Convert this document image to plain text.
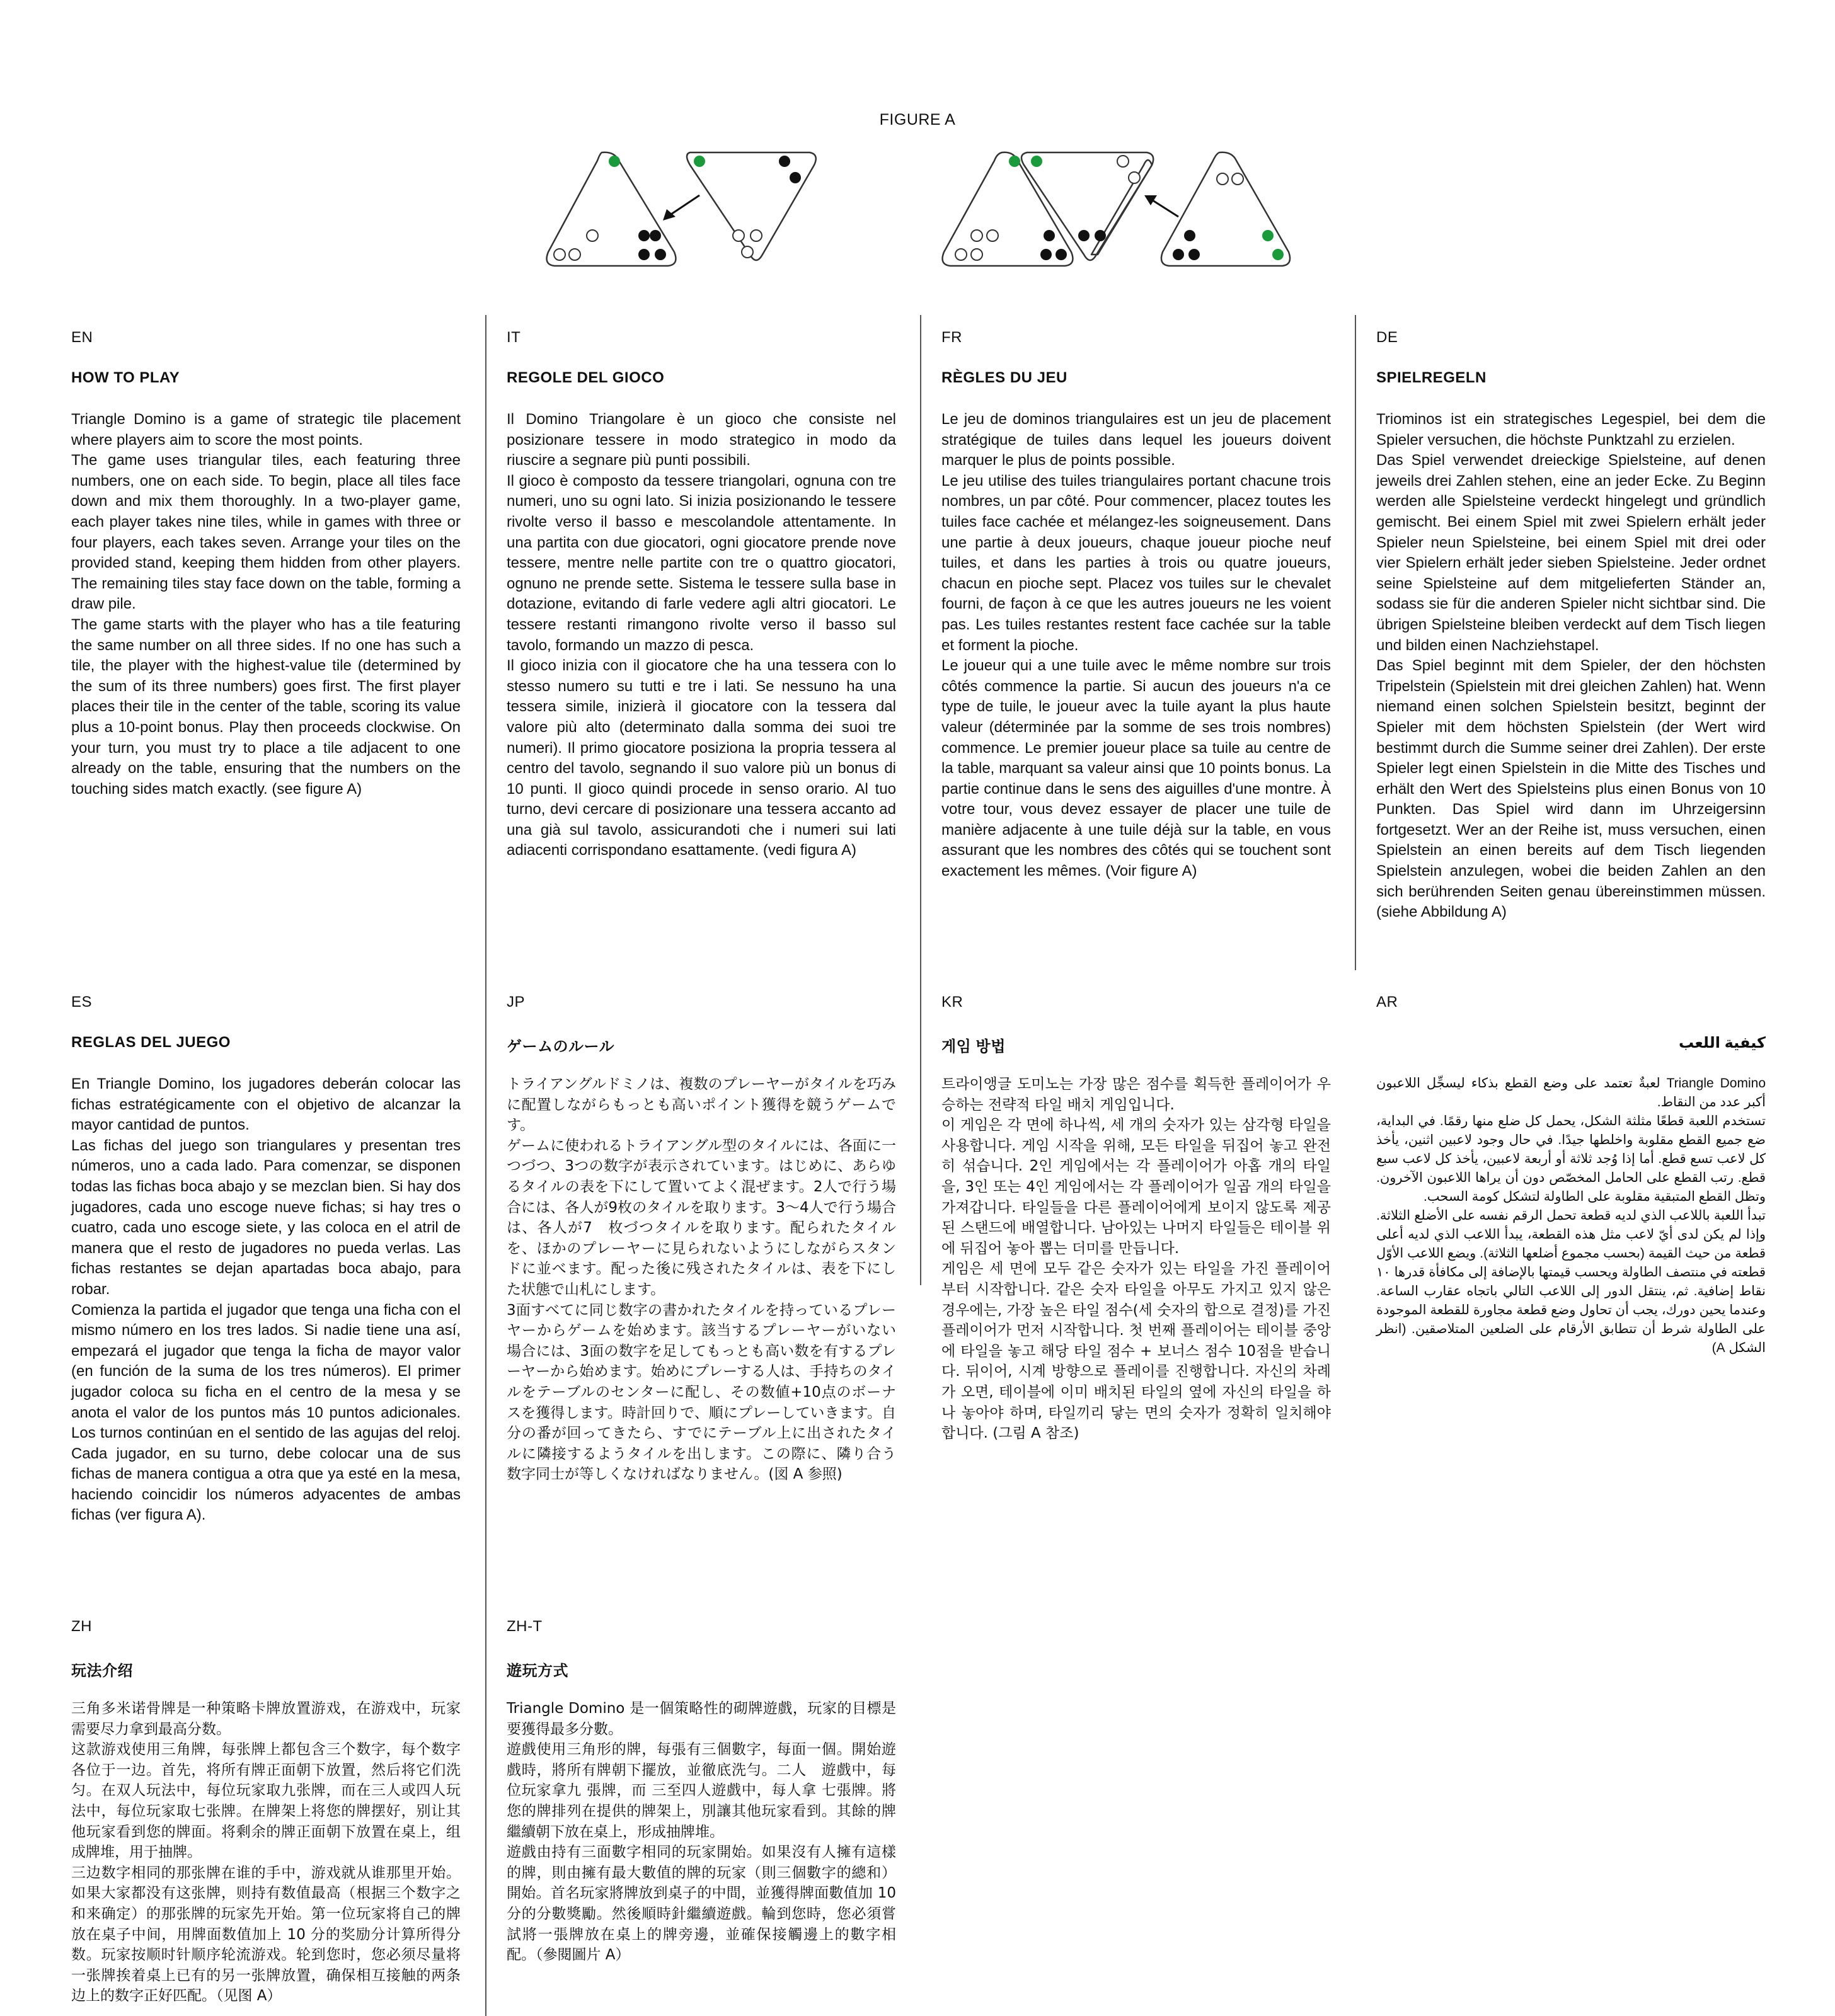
FIGURE A
EN
HOW TO PLAY

Triangle Domino is a game of strategic tile placement where players aim to score the most points.

The game uses triangular tiles, each featuring three numbers, one on each side. To begin, place all tiles face down and mix them thoroughly. In a two-player game, each player takes nine tiles, while in games with three or four players, each takes seven. Arrange your tiles on the provided stand, keeping them hidden from other players. The remaining tiles stay face down on the table, forming a draw pile.

The game starts with the player who has a tile featuring the same number on all three sides. If no one has such a tile, the player with the highest-value tile (determined by the sum of its three numbers) goes first. The first player places their tile in the center of the table, scoring its value plus a 10-point bonus. Play then proceeds clockwise. On your turn, you must try to place a tile adjacent to one already on the table, ensuring that the numbers on the touching sides match exactly. (see figure A)

IT
REGOLE DEL GIOCO

Il Domino Triangolare è un gioco che consiste nel posizionare tessere in modo strategico in modo da riuscire a segnare più punti possibili.

Il gioco è composto da tessere triangolari, ognuna con tre numeri, uno su ogni lato. Si inizia posizionando le tessere rivolte verso il basso e mescolandole attentamente. In una partita con due giocatori, ogni giocatore prende nove tessere, mentre nelle partite con tre o quattro giocatori, ognuno ne prende sette. Sistema le tessere sulla base in dotazione, evitando di farle vedere agli altri giocatori. Le tessere restanti rimangono rivolte verso il basso sul tavolo, formando un mazzo di pesca.

Il gioco inizia con il giocatore che ha una tessera con lo stesso numero su tutti e tre i lati. Se nessuno ha una tessera simile, inizierà il giocatore con la tessera dal valore più alto (determinato dalla somma dei suoi tre numeri). Il primo giocatore posiziona la propria tessera al centro del tavolo, segnando il suo valore più un bonus di 10 punti. Il gioco quindi procede in senso orario. Al tuo turno, devi cercare di posizionare una tessera accanto ad una già sul tavolo, assicurandoti che i numeri sui lati adiacenti corrispondano esattamente. (vedi figura A)

FR
RÈGLES DU JEU

Le jeu de dominos triangulaires est un jeu de placement stratégique de tuiles dans lequel les joueurs doivent marquer le plus de points possible.

Le jeu utilise des tuiles triangulaires portant chacune trois nombres, un par côté. Pour commencer, placez toutes les tuiles face cachée et mélangez-les soigneusement. Dans une partie à deux joueurs, chaque joueur pioche neuf tuiles, et dans les parties à trois ou quatre joueurs, chacun en pioche sept. Placez vos tuiles sur le chevalet fourni, de façon à ce que les autres joueurs ne les voient pas. Les tuiles restantes restent face cachée sur la table et forment la pioche.

Le joueur qui a une tuile avec le même nombre sur trois côtés commence la partie. Si aucun des joueurs n'a ce type de tuile, le joueur avec la tuile ayant la plus haute valeur (déterminée par la somme de ses trois nombres) commence. Le premier joueur place sa tuile au centre de la table, marquant sa valeur ainsi que 10 points bonus. La partie continue dans le sens des aiguilles d'une montre. À votre tour, vous devez essayer de placer une tuile de manière adjacente à une tuile déjà sur la table, en vous assurant que les nombres des côtés qui se touchent sont exactement les mêmes. (Voir figure A)

DE
SPIELREGELN

Triominos ist ein strategisches Legespiel, bei dem die Spieler versuchen, die höchste Punktzahl zu erzielen.

Das Spiel verwendet dreieckige Spielsteine, auf denen jeweils drei Zahlen stehen, eine an jeder Ecke. Zu Beginn werden alle Spielsteine verdeckt hingelegt und gründlich gemischt. Bei einem Spiel mit zwei Spielern erhält jeder Spieler neun Spielsteine, bei einem Spiel mit drei oder vier Spielern erhält jeder sieben Spielsteine. Jeder ordnet seine Spielsteine auf dem mitgelieferten Ständer an, sodass sie für die anderen Spieler nicht sichtbar sind. Die übrigen Spielsteine bleiben verdeckt auf dem Tisch liegen und bilden einen Nachziehstapel.

Das Spiel beginnt mit dem Spieler, der den höchsten Tripelstein (Spielstein mit drei gleichen Zahlen) hat. Wenn niemand einen solchen Spielstein besitzt, beginnt der Spieler mit dem höchsten Spielstein (der Wert wird bestimmt durch die Summe seiner drei Zahlen). Der erste Spieler legt einen Spielstein in die Mitte des Tisches und erhält den Wert des Spielsteins plus einen Bonus von 10 Punkten. Das Spiel wird dann im Uhrzeigersinn fortgesetzt. Wer an der Reihe ist, muss versuchen, einen Spielstein an einen bereits auf dem Tisch liegenden Spielstein anzulegen, wobei die beiden Zahlen an den sich berührenden Seiten genau übereinstimmen müssen. (siehe Abbildung A)

ES
REGLAS DEL JUEGO

En Triangle Domino, los jugadores deberán colocar las fichas estratégicamente con el objetivo de alcanzar la mayor cantidad de puntos.

Las fichas del juego son triangulares y presentan tres números, uno a cada lado. Para comenzar, se disponen todas las fichas boca abajo y se mezclan bien. Si hay dos jugadores, cada uno escoge nueve fichas; si hay tres o cuatro, cada uno escoge siete, y las coloca en el atril de manera que el resto de jugadores no pueda verlas. Las fichas restantes se dejan apartadas boca abajo, para robar.

Comienza la partida el jugador que tenga una ficha con el mismo número en los tres lados. Si nadie tiene una así, empezará el jugador que tenga la ficha de mayor valor (en función de la suma de los tres números). El primer jugador coloca su ficha en el centro de la mesa y se anota el valor de los puntos más 10 puntos adicionales. Los turnos continúan en el sentido de las agujas del reloj. Cada jugador, en su turno, debe colocar una de sus fichas de manera contigua a otra que ya esté en la mesa, haciendo coincidir los números adyacentes de ambas fichas (ver figura A).

JP
ゲームのルール

トライアングルドミノは、複数のプレーヤーがタイルを巧みに配置しながらもっとも高いポイント獲得を競うゲームです。

ゲームに使われるトライアングル型のタイルには、各面に一つづつ、3つの数字が表示されています。はじめに、あらゆるタイルの表を下にして置いてよく混ぜます。2人で行う場合には、各人が9枚のタイルを取ります。3〜4人で行う場合は、各人が7　枚づつタイルを取ります。配られたタイルを、ほかのプレーヤーに見られないようにしながらスタンドに並べます。配った後に残されたタイルは、表を下にした状態で山札にします。

3面すべてに同じ数字の書かれたタイルを持っているプレーヤーからゲームを始めます。該当するプレーヤーがいない場合には、3面の数字を足してもっとも高い数を有するプレーヤーから始めます。始めにプレーする人は、手持ちのタイルをテーブルのセンターに配し、その数値+10点のボーナスを獲得します。時計回りで、順にプレーしていきます。自分の番が回ってきたら、すでにテーブル上に出されたタイルに隣接するようタイルを出します。この際に、隣り合う数字同士が等しくなければなりません。(図 A 参照)

KR
게임 방법

트라이앵글 도미노는 가장 많은 점수를 획득한 플레이어가 우승하는 전략적 타일 배치 게임입니다.

이 게임은 각 면에 하나씩, 세 개의 숫자가 있는 삼각형 타일을 사용합니다. 게임 시작을 위해, 모든 타일을 뒤집어 놓고 완전히 섞습니다. 2인 게임에서는 각 플레이어가 아홉 개의 타일을, 3인 또는 4인 게임에서는 각 플레이어가 일곱 개의 타일을 가져갑니다. 타일들을 다른 플레이어에게 보이지 않도록 제공된 스탠드에 배열합니다. 남아있는 나머지 타일들은 테이블 위에 뒤집어 놓아 뽑는 더미를 만듭니다.

게임은 세 면에 모두 같은 숫자가 있는 타일을 가진 플레이어부터 시작합니다. 같은 숫자 타일을 아무도 가지고 있지 않은 경우에는, 가장 높은 타일 점수(세 숫자의 합으로 결정)를 가진 플레이어가 먼저 시작합니다. 첫 번째 플레이어는 테이블 중앙에 타일을 놓고 해당 타일 점수 + 보너스 점수 10점을 받습니다. 뒤이어, 시계 방향으로 플레이를 진행합니다. 자신의 차례가 오면, 테이블에 이미 배치된 타일의 옆에 자신의 타일을 하나 놓아야 하며, 타일끼리 닿는 면의 숫자가 정확히 일치해야 합니다. (그림 A 참조)

AR
كيفية اللعب

Triangle Domino لعبةٌ تعتمد على وضع القطع بذكاء ليسجِّل اللاعبون أكبر عدد من النقاط.

تستخدم اللعبة قطعًا مثلثة الشكل، يحمل كل ضلع منها رقمًا. في البداية، ضع جميع القطع مقلوبة واخلطها جيدًا. في حال وجود لاعبين اثنين، يأخذ كل لاعب تسع قطع. أما إذا وُجد ثلاثة أو أربعة لاعبين، يأخذ كل لاعب سبع قطع. رتب القطع على الحامل المخصّص دون أن يراها اللاعبون الآخرون. وتظل القطع المتبقية مقلوبة على الطاولة لتشكل كومة السحب.

تبدأ اللعبة باللاعب الذي لديه قطعة تحمل الرقم نفسه على الأضلع الثلاثة. وإذا لم يكن لدى أيّ لاعب مثل هذه القطعة، يبدأ اللاعب الذي لديه أعلى قطعة من حيث القيمة (بحسب مجموع أضلعها الثلاثة). ويضع اللاعب الأوّل قطعته في منتصف الطاولة ويحسب قيمتها بالإضافة إلى مكافأة قدرها ١٠ نقاط إضافية. ثم، ينتقل الدور إلى اللاعب التالي باتجاه عقارب الساعة. وعندما يحين دورك، يجب أن تحاول وضع قطعة مجاورة للقطعة الموجودة على الطاولة شرط أن تتطابق الأرقام على الضلعين المتلاصقين. (انظر الشكل A)

ZH
玩法介绍

三角多米诺骨牌是一种策略卡牌放置游戏，在游戏中，玩家需要尽力拿到最高分数。

这款游戏使用三角牌，每张牌上都包含三个数字，每个数字各位于一边。首先，将所有牌正面朝下放置，然后将它们洗匀。在双人玩法中，每位玩家取九张牌，而在三人或四人玩法中，每位玩家取七张牌。在牌架上将您的牌摆好，别让其他玩家看到您的牌面。将剩余的牌正面朝下放置在桌上，组成牌堆，用于抽牌。

三边数字相同的那张牌在谁的手中，游戏就从谁那里开始。如果大家都没有这张牌，则持有数值最高（根据三个数字之和来确定）的那张牌的玩家先开始。第一位玩家将自己的牌放在桌子中间，用牌面数值加上 10 分的奖励分计算所得分数。玩家按顺时针顺序轮流游戏。轮到您时，您必须尽量将一张牌挨着桌上已有的另一张牌放置，确保相互接触的两条边上的数字正好匹配。（见图 A）

ZH-T
遊玩方式

Triangle Domino 是一個策略性的砌牌遊戲，玩家的目標是要獲得最多分數。

遊戲使用三角形的牌，每張有三個數字，每面一個。開始遊戲時，將所有牌朝下擺放，並徹底洗勻。二人　遊戲中，每位玩家拿九 張牌，而 三至四人遊戲中，每人拿 七張牌。將您的牌排列在提供的牌架上，別讓其他玩家看到。其餘的牌繼續朝下放在桌上，形成抽牌堆。

遊戲由持有三面數字相同的玩家開始。如果沒有人擁有這樣的牌，則由擁有最大數值的牌的玩家（則三個數字的總和）開始。首名玩家將牌放到桌子的中間，並獲得牌面數值加 10 分的分數獎勵。然後順時針繼續遊戲。輪到您時，您必須嘗試將一張牌放在桌上的牌旁邊，並確保接觸邊上的數字相配。（參閱圖片 A）
